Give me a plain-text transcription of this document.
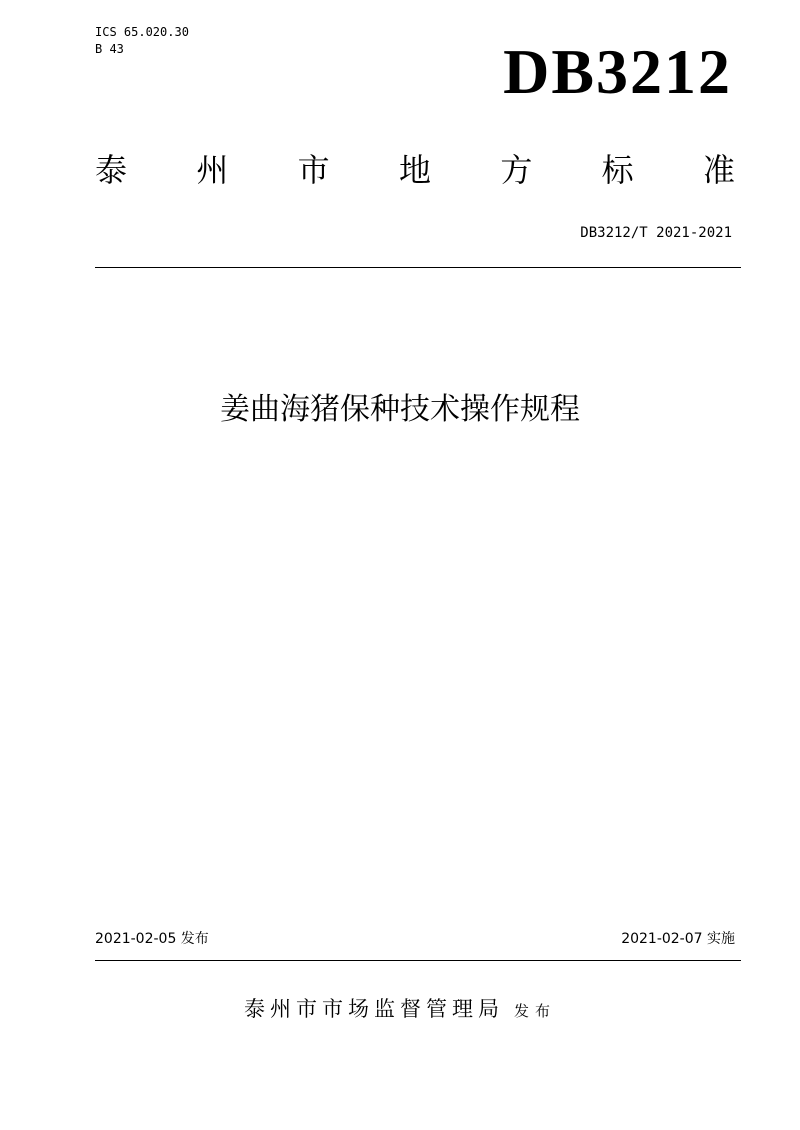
ICS 65.020.30
B 43	DB3212
泰 州 市 地 方 标 准
DB3212/T 2021-2021
姜曲海猪保种技术操作规程
2021-02-05 发布	2021-02-07 实施
泰州市市场监督管理局 发布
